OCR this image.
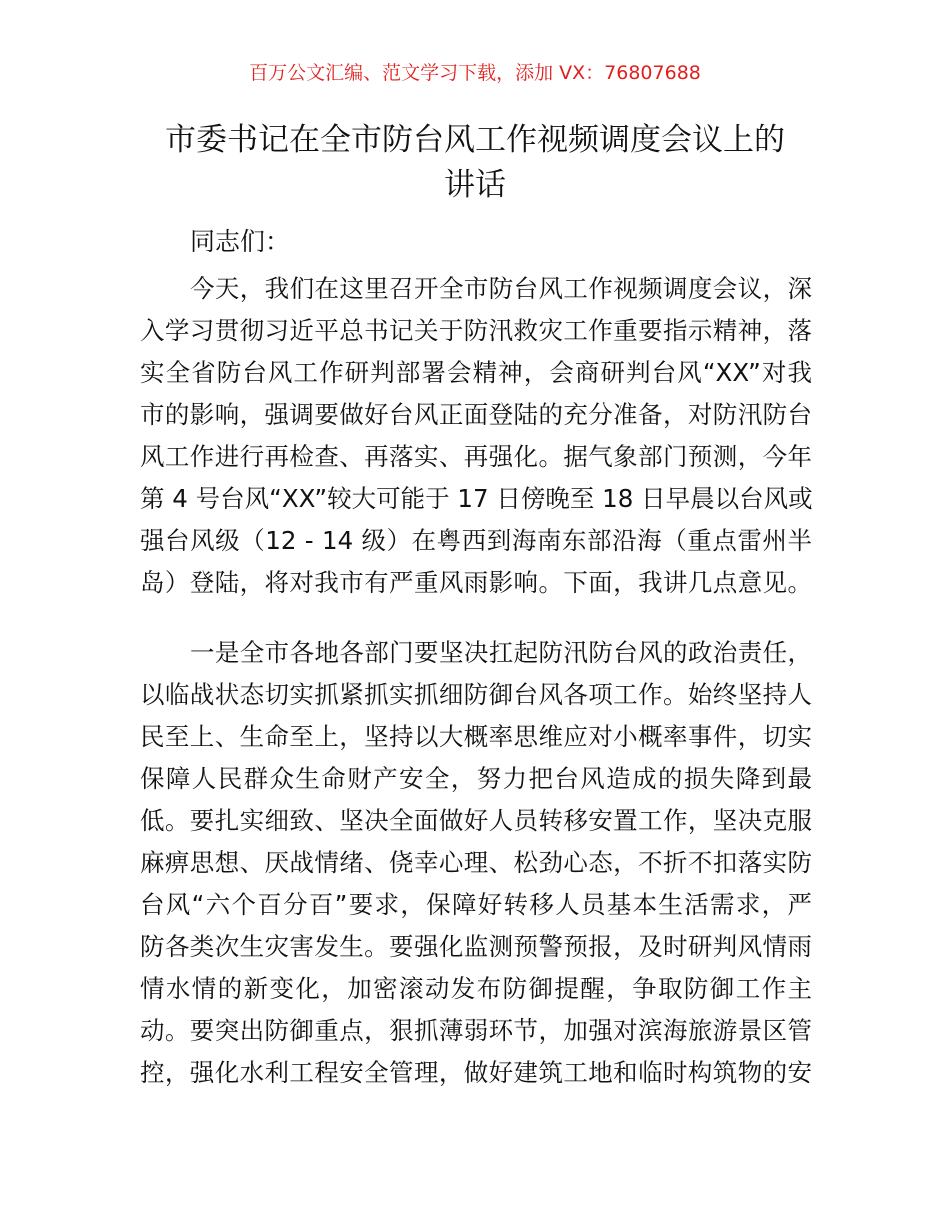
百万公文汇编、范文学习下载，添加 VX：76807688
市委书记在全市防台风工作视频调度会议上的
讲话
同志们：
今天，我们在这里召开全市防台风工作视频调度会议，深
入学习贯彻习近平总书记关于防汛救灾工作重要指示精神，落
实全省防台风工作研判部署会精神，会商研判台风“XX”对我
市的影响，强调要做好台风正面登陆的充分准备，对防汛防台
风工作进行再检查、再落实、再强化。据气象部门预测，今年
第 4 号台风“XX”较大可能于 17 日傍晚至 18 日早晨以台风或
强台风级（12 - 14 级）在粤西到海南东部沿海（重点雷州半
岛）登陆，将对我市有严重风雨影响。下面，我讲几点意见。
一是全市各地各部门要坚决扛起防汛防台风的政治责任，
以临战状态切实抓紧抓实抓细防御台风各项工作。始终坚持人
民至上、生命至上，坚持以大概率思维应对小概率事件，切实
保障人民群众生命财产安全，努力把台风造成的损失降到最
低。要扎实细致、坚决全面做好人员转移安置工作，坚决克服
麻痹思想、厌战情绪、侥幸心理、松劲心态，不折不扣落实防
台风“六个百分百”要求，保障好转移人员基本生活需求，严
防各类次生灾害发生。要强化监测预警预报，及时研判风情雨
情水情的新变化，加密滚动发布防御提醒，争取防御工作主
动。要突出防御重点，狠抓薄弱环节，加强对滨海旅游景区管
控，强化水利工程安全管理，做好建筑工地和临时构筑物的安
